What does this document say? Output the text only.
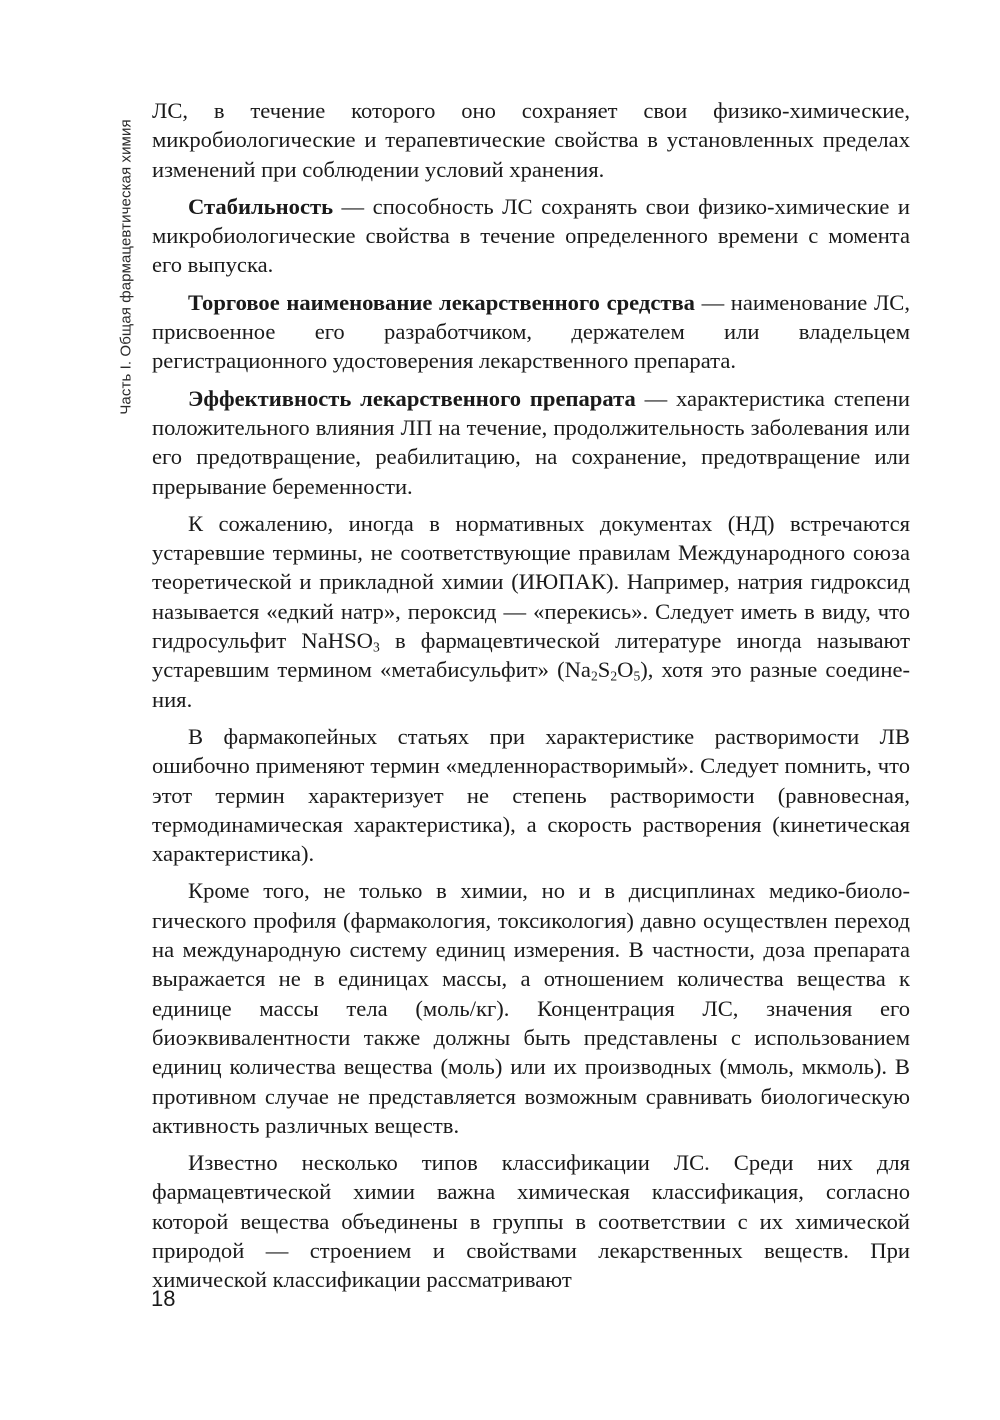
Часть I. Общая фармацевтическая химия

ЛС, в течение которого оно сохраняет свои физико-химические, микробиологические и терапевтические свойства в установленных пределах изменений при соблюдении условий хранения.

Стабильность — способность ЛС сохранять свои физико-химические и микробиологические свойства в течение определенного времени с момента его выпуска.

Торговое наименование лекарственного средства — наименование ЛС, присвоенное его разработчиком, держателем или владельцем регистрационного удостоверения лекарственного препарата.

Эффективность лекарственного препарата — характеристика степени положительного влияния ЛП на течение, продолжительность заболевания или его предотвращение, реабилитацию, на сохранение, предотвращение или прерывание беременности.

К сожалению, иногда в нормативных документах (НД) встречаются устаревшие термины, не соответствующие правилам Международного союза теоретической и прикладной химии (ИЮПАК). Например, натрия гидроксид называется «едкий натр», пероксид — «перекись». Следует иметь в виду, что гидросульфит NaHSO$_3$ в фармацевтической литературе иногда называют устаревшим термином «метабисульфит» $(Na_2S_2O_5)$, хотя это разные соединения.

В фармакопейных статьях при характеристике растворимости ЛВ ошибочно применяют термин «медленнорастворимый». Следует помнить, что этот термин характеризует не степень растворимости (равновесная, термодинамическая характеристика), а скорость растворения (кинетическая характеристика).

Кроме того, не только в химии, но и в дисциплинах медико-биологического профиля (фармакология, токсикология) давно осуществлен переход на международную систему единиц измерения. В частности, доза препарата выражается не в единицах массы, а отношением количества вещества к единице массы тела (моль/кг). Концентрация ЛС, значения его биоэквивалентности также должны быть представлены с использованием единиц количества вещества (моль) или их производных (ммоль, мкмоль). В противном случае не представляется возможным сравнивать биологическую активность различных веществ.

Известно несколько типов классификации ЛС. Среди них для фармацевтической химии важна химическая классификация, согласно которой вещества объединены в группы в соответствии с их химической природой — строением и свойствами лекарственных веществ. При химической классификации рассматривают

18
